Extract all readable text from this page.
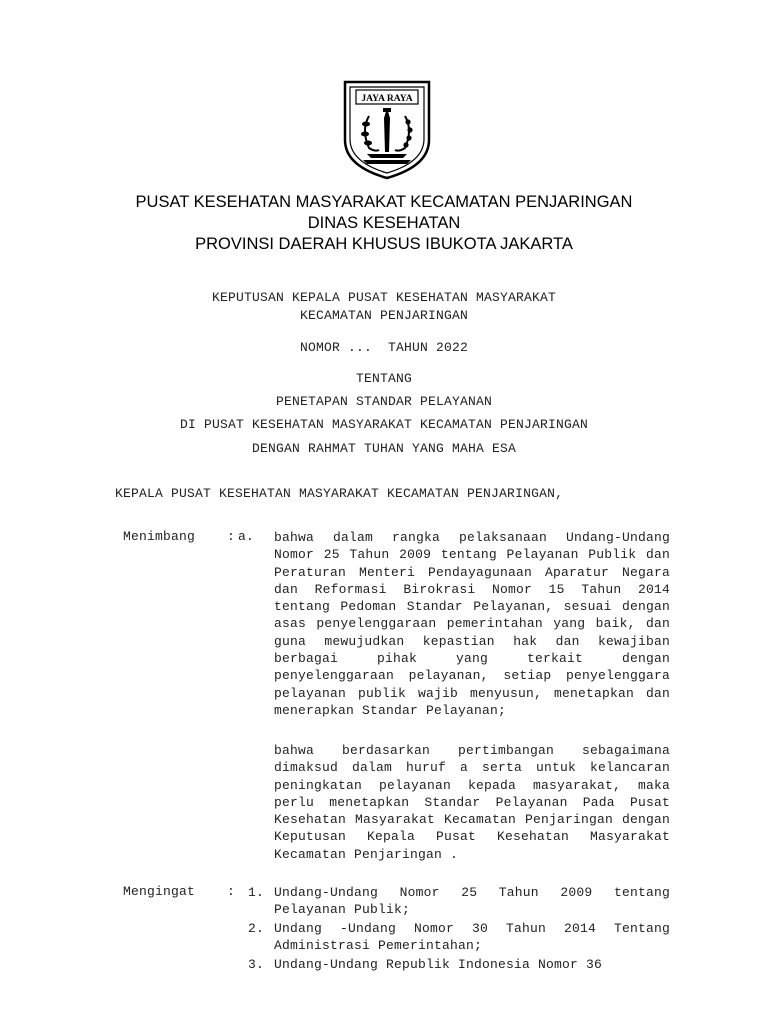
JAYA RAYA
PUSAT KESEHATAN MASYARAKAT KECAMATAN PENJARINGAN
DINAS KESEHATAN
PROVINSI DAERAH KHUSUS IBUKOTA JAKARTA
KEPUTUSAN KEPALA PUSAT KESEHATAN MASYARAKAT
KECAMATAN PENJARINGAN
NOMOR ...  TAHUN 2022
TENTANG
PENETAPAN STANDAR PELAYANAN
DI PUSAT KESEHATAN MASYARAKAT KECAMATAN PENJARINGAN
DENGAN RAHMAT TUHAN YANG MAHA ESA
KEPALA PUSAT KESEHATAN MASYARAKAT KECAMATAN PENJARINGAN,
Menimbang : a. bahwa dalam rangka pelaksanaan Undang-Undang Nomor 25 Tahun 2009 tentang Pelayanan Publik dan Peraturan Menteri Pendayagunaan Aparatur Negara dan Reformasi Birokrasi Nomor 15 Tahun 2014 tentang Pedoman Standar Pelayanan, sesuai dengan asas penyelenggaraan pemerintahan yang baik, dan guna mewujudkan kepastian hak dan kewajiban berbagai pihak yang terkait dengan penyelenggaraan pelayanan, setiap penyelenggara pelayanan publik wajib menyusun, menetapkan dan menerapkan Standar Pelayanan;
bahwa berdasarkan pertimbangan sebagaimana dimaksud dalam huruf a serta untuk kelancaran peningkatan pelayanan kepada masyarakat, maka perlu menetapkan Standar Pelayanan Pada Pusat Kesehatan Masyarakat Kecamatan Penjaringan dengan Keputusan Kepala Pusat Kesehatan Masyarakat Kecamatan Penjaringan .
Mengingat : 1. Undang-Undang Nomor 25 Tahun 2009 tentang Pelayanan Publik;
2. Undang -Undang Nomor 30 Tahun 2014 Tentang Administrasi Pemerintahan;
3. Undang-Undang Republik Indonesia Nomor 36
